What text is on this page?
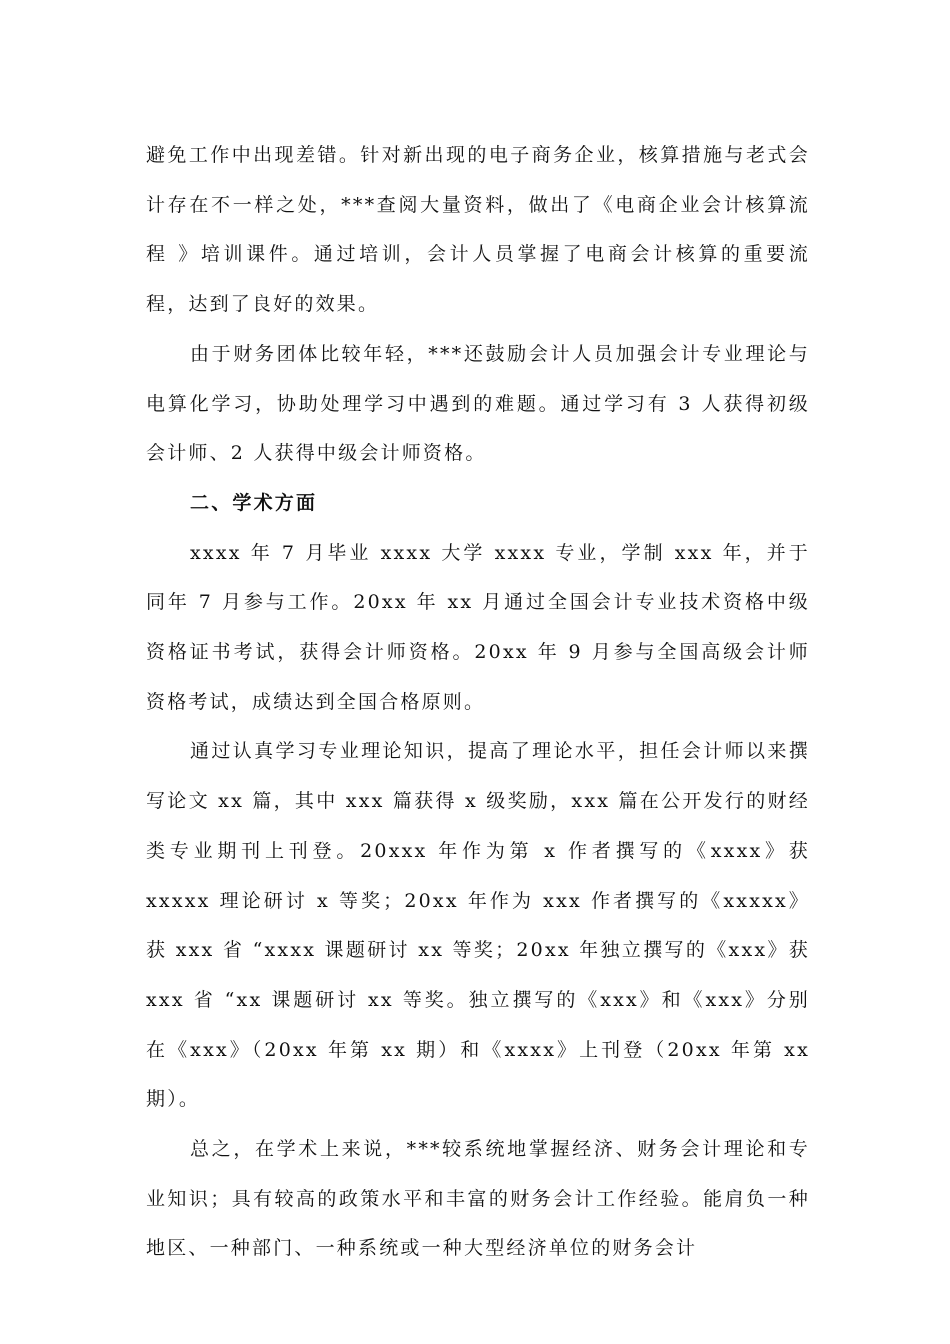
避免工作中出现差错。针对新出现的电子商务企业，核算措施与老式会计存在不一样之处，***查阅大量资料，做出了《电商企业会计核算流程 》培训课件。通过培训，会计人员掌握了电商会计核算的重要流程，达到了良好的效果。

由于财务团体比较年轻，***还鼓励会计人员加强会计专业理论与电算化学习，协助处理学习中遇到的难题。通过学习有 3 人获得初级会计师、2 人获得中级会计师资格。

二、学术方面

xxxx 年 7 月毕业 xxxx 大学 xxxx 专业，学制 xxx 年，并于同年 7 月参与工作。20xx 年 xx 月通过全国会计专业技术资格中级资格证书考试，获得会计师资格。20xx 年 9 月参与全国高级会计师资格考试，成绩达到全国合格原则。

通过认真学习专业理论知识，提高了理论水平，担任会计师以来撰写论文 xx 篇，其中 xxx 篇获得 x 级奖励，xxx 篇在公开发行的财经类专业期刊上刊登。20xxx 年作为第 x 作者撰写的《xxxx》获 xxxxx 理论研讨 x 等奖；20xx 年作为 xxx 作者撰写的《xxxxx》获 xxx 省 “xxxx 课题研讨 xx 等奖；20xx 年独立撰写的《xxx》获 xxx 省 “xx 课题研讨 xx 等奖。独立撰写的《xxx》和《xxx》分别在《xxx》（20xx 年第 xx 期）和《xxxx》上刊登（20xx 年第 xx 期）。

总之，在学术上来说，***较系统地掌握经济、财务会计理论和专业知识；具有较高的政策水平和丰富的财务会计工作经验。能肩负一种地区、一种部门、一种系统或一种大型经济单位的财务会计
